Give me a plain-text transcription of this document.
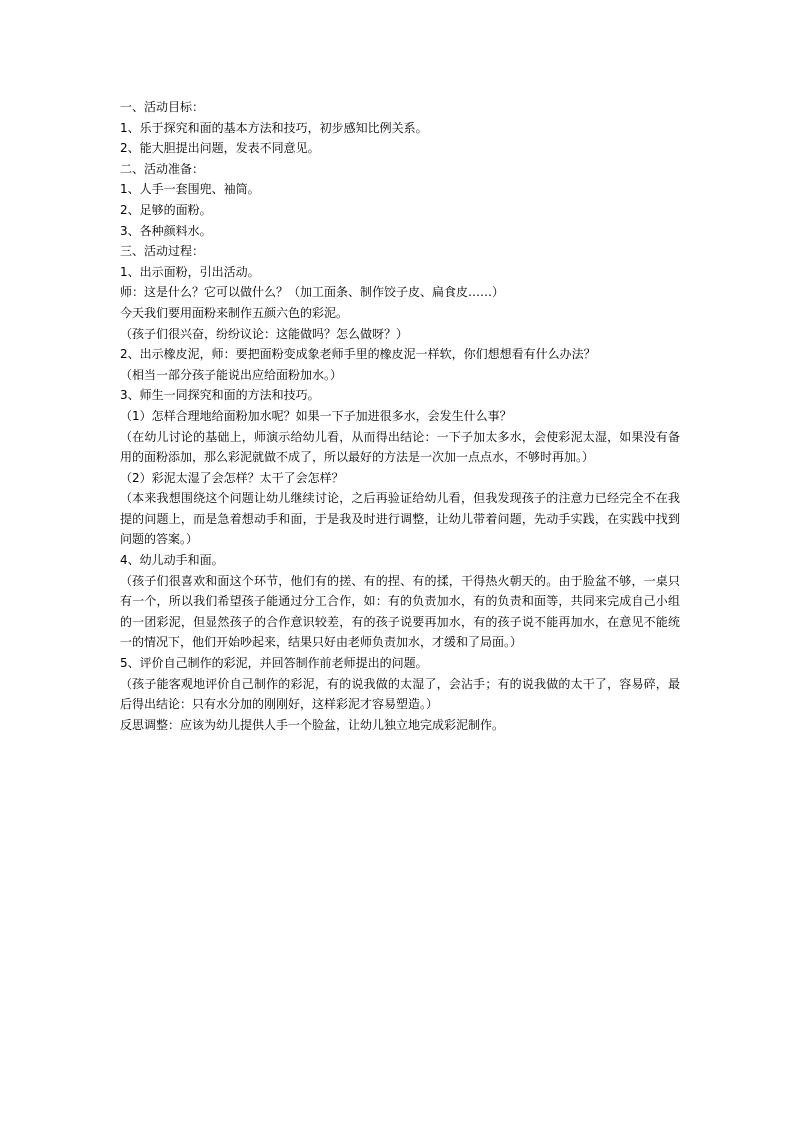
一、活动目标：
1、乐于探究和面的基本方法和技巧，初步感知比例关系。
2、能大胆提出问题，发表不同意见。
二、活动准备：
1、人手一套围兜、袖筒。
2、足够的面粉。
3、各种颜料水。
三、活动过程：
1、出示面粉，引出活动。
师：这是什么？它可以做什么？（加工面条、制作饺子皮、扁食皮……）
今天我们要用面粉来制作五颜六色的彩泥。
（孩子们很兴奋，纷纷议论：这能做吗？怎么做呀？）
2、出示橡皮泥，师：要把面粉变成象老师手里的橡皮泥一样软，你们想想看有什么办法？
（相当一部分孩子能说出应给面粉加水。）
3、师生一同探究和面的方法和技巧。
（1）怎样合理地给面粉加水呢？如果一下子加进很多水，会发生什么事？
（在幼儿讨论的基础上，师演示给幼儿看，从而得出结论：一下子加太多水，会使彩泥太湿，如果没有备用的面粉添加，那么彩泥就做不成了，所以最好的方法是一次加一点点水，不够时再加。）
（2）彩泥太湿了会怎样？太干了会怎样？
（本来我想围绕这个问题让幼儿继续讨论，之后再验证给幼儿看，但我发现孩子的注意力已经完全不在我提的问题上，而是急着想动手和面，于是我及时进行调整，让幼儿带着问题，先动手实践，在实践中找到问题的答案。）
4、幼儿动手和面。
（孩子们很喜欢和面这个环节，他们有的搓、有的捏、有的揉，干得热火朝天的。由于脸盆不够，一桌只有一个，所以我们希望孩子能通过分工合作，如：有的负责加水，有的负责和面等，共同来完成自己小组的一团彩泥，但显然孩子的合作意识较差，有的孩子说要再加水，有的孩子说不能再加水，在意见不能统一的情况下，他们开始吵起来，结果只好由老师负责加水，才缓和了局面。）
5、评价自己制作的彩泥，并回答制作前老师提出的问题。
（孩子能客观地评价自己制作的彩泥，有的说我做的太湿了，会沾手；有的说我做的太干了，容易碎，最后得出结论：只有水分加的刚刚好，这样彩泥才容易塑造。）
反思调整：应该为幼儿提供人手一个脸盆，让幼儿独立地完成彩泥制作。
